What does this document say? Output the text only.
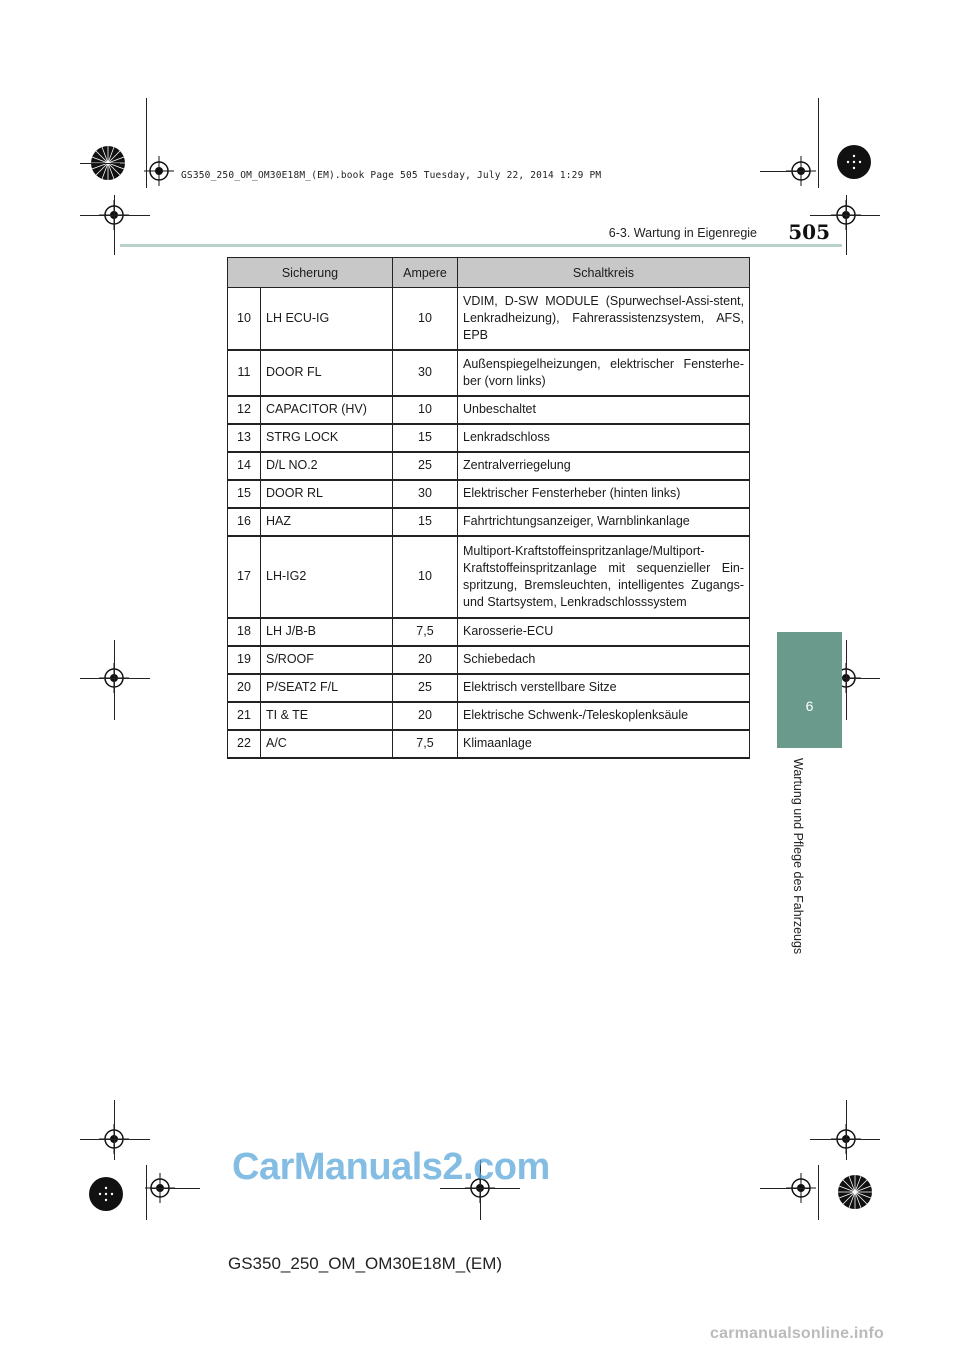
GS350_250_OM_OM30E18M_(EM).book Page 505 Tuesday, July 22, 2014 1:29 PM
6-3. Wartung in Eigenregie 505
6
Wartung und Pflege des Fahrzeugs
Sicherung		Ampere	Schaltkreis
10	LH ECU-IG	10	VDIM, D-SW MODULE (Spurwechsel-Assi-stent, Lenkradheizung), Fahrerassistenzsystem, AFS, EPB
11	DOOR FL	30	Außenspiegelheizungen, elektrischer Fensterhe-ber (vorn links)
12	CAPACITOR (HV)	10	Unbeschaltet
13	STRG LOCK	15	Lenkradschloss
14	D/L NO.2	25	Zentralverriegelung
15	DOOR RL	30	Elektrischer Fensterheber (hinten links)
16	HAZ	15	Fahrtrichtungsanzeiger, Warnblinkanlage
17	LH-IG2	10	Multiport-Kraftstoffeinspritzanlage/Multiport-Kraftstoffeinspritzanlage mit sequenzieller Ein-spritzung, Bremsleuchten, intelligentes Zugangs- und Startsystem, Lenkradschlosssystem
18	LH J/B-B	7,5	Karosserie-ECU
19	S/ROOF	20	Schiebedach
20	P/SEAT2 F/L	25	Elektrisch verstellbare Sitze
21	TI & TE	20	Elektrische Schwenk-/Teleskoplenksäule
22	A/C	7,5	Klimaanlage
CarManuals2.com
GS350_250_OM_OM30E18M_(EM)
carmanualsonline.info
